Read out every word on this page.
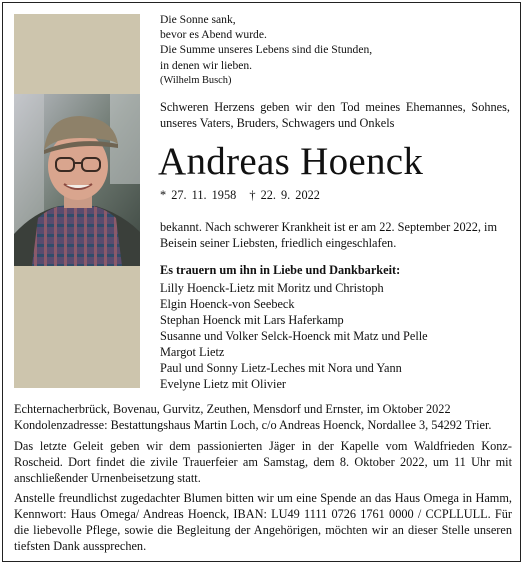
Die Sonne sank,
bevor es Abend wurde.
Die Summe unseres Lebens sind die Stunden,
in denen wir lieben.
(Wilhelm Busch)
Schweren Herzens geben wir den Tod meines Ehemannes, Sohnes, unseres Vaters, Bruders, Schwagers und Onkels
Andreas Hoenck
* 27. 11. 1958 † 22. 9. 2022
bekannt. Nach schwerer Krankheit ist er am 22. September 2022, im Beisein seiner Liebsten, friedlich eingeschlafen.
Es trauern um ihn in Liebe und Dankbarkeit:
Lilly Hoenck-Lietz mit Moritz und Christoph
Elgin Hoenck-von Seebeck
Stephan Hoenck mit Lars Haferkamp
Susanne und Volker Selck-Hoenck mit Matz und Pelle
Margot Lietz
Paul und Sonny Lietz-Leches mit Nora und Yann
Evelyne Lietz mit Olivier

Echternacherbrück, Bovenau, Gurvitz, Zeuthen, Mensdorf und Ernster, im Oktober 2022

Kondolenzadresse: Bestattungshaus Martin Loch, c/o Andreas Hoenck, Nordallee 3, 54292 Trier.

Das letzte Geleit geben wir dem passionierten Jäger in der Kapelle vom Waldfrieden Konz-Roscheid. Dort findet die zivile Trauerfeier am Samstag, dem 8. Oktober 2022, um 11 Uhr mit anschließender Urnenbeisetzung statt.

Anstelle freundlichst zugedachter Blumen bitten wir um eine Spende an das Haus Omega in Hamm, Kennwort: Haus Omega/ Andreas Hoenck, IBAN: LU49 1111 0726 1761 0000 / CCPLLULL. Für die liebevolle Pflege, sowie die Begleitung der Angehörigen, möchten wir an dieser Stelle unseren tiefsten Dank aussprechen.
